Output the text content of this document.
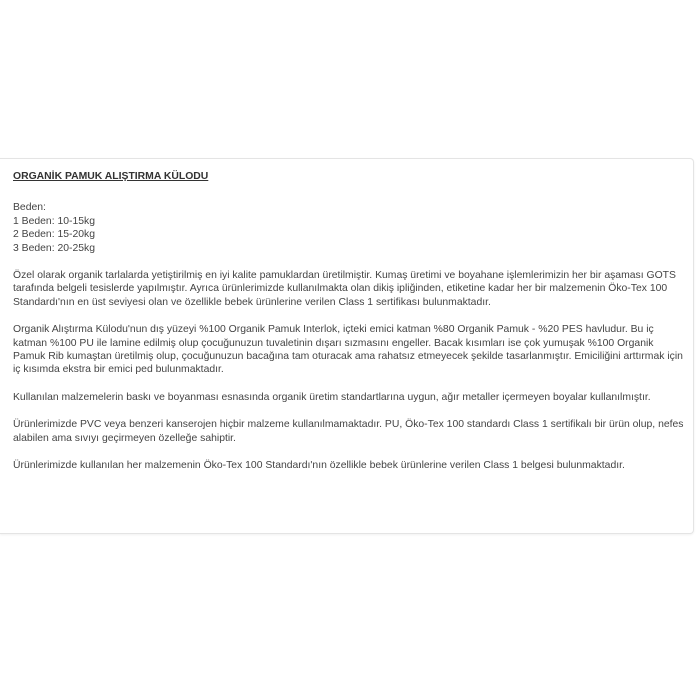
ORGANİK PAMUK ALIŞTIRMA KÜLODU
Beden:
1 Beden: 10-15kg
2 Beden: 15-20kg
3 Beden: 20-25kg
Özel olarak organik tarlalarda yetiştirilmiş en iyi kalite pamuklardan üretilmiştir. Kumaş üretimi ve boyahane işlemlerimizin her bir aşaması GOTS tarafında belgeli tesislerde yapılmıştır. Ayrıca ürünlerimizde kullanılmakta olan dikiş ipliğinden, etiketine kadar her bir malzemenin Öko-Tex 100 Standardı'nın en üst seviyesi olan ve özellikle bebek ürünlerine verilen Class 1 sertifikası bulunmaktadır.
Organik Alıştırma Külodu'nun dış yüzeyi %100 Organik Pamuk Interlok, içteki emici katman %80 Organik Pamuk - %20 PES havludur. Bu iç katman %100 PU ile lamine edilmiş olup çocuğunuzun tuvaletinin dışarı sızmasını engeller. Bacak kısımları ise çok yumuşak %100 Organik Pamuk Rib kumaştan üretilmiş olup, çocuğunuzun bacağına tam oturacak ama rahatsız etmeyecek şekilde tasarlanmıştır. Emiciliğini arttırmak için iç kısımda ekstra bir emici ped bulunmaktadır.
Kullanılan malzemelerin baskı ve boyanması esnasında organik üretim standartlarına uygun, ağır metaller içermeyen boyalar kullanılmıştır.
Ürünlerimizde PVC veya benzeri kanserojen hiçbir malzeme kullanılmamaktadır. PU, Öko-Tex 100 standardı Class 1 sertifikalı bir ürün olup, nefes alabilen ama sıvıyı geçirmeyen özelleğe sahiptir.
Ürünlerimizde kullanılan her malzemenin Öko-Tex 100 Standardı'nın özellikle bebek ürünlerine verilen Class 1 belgesi bulunmaktadır.
